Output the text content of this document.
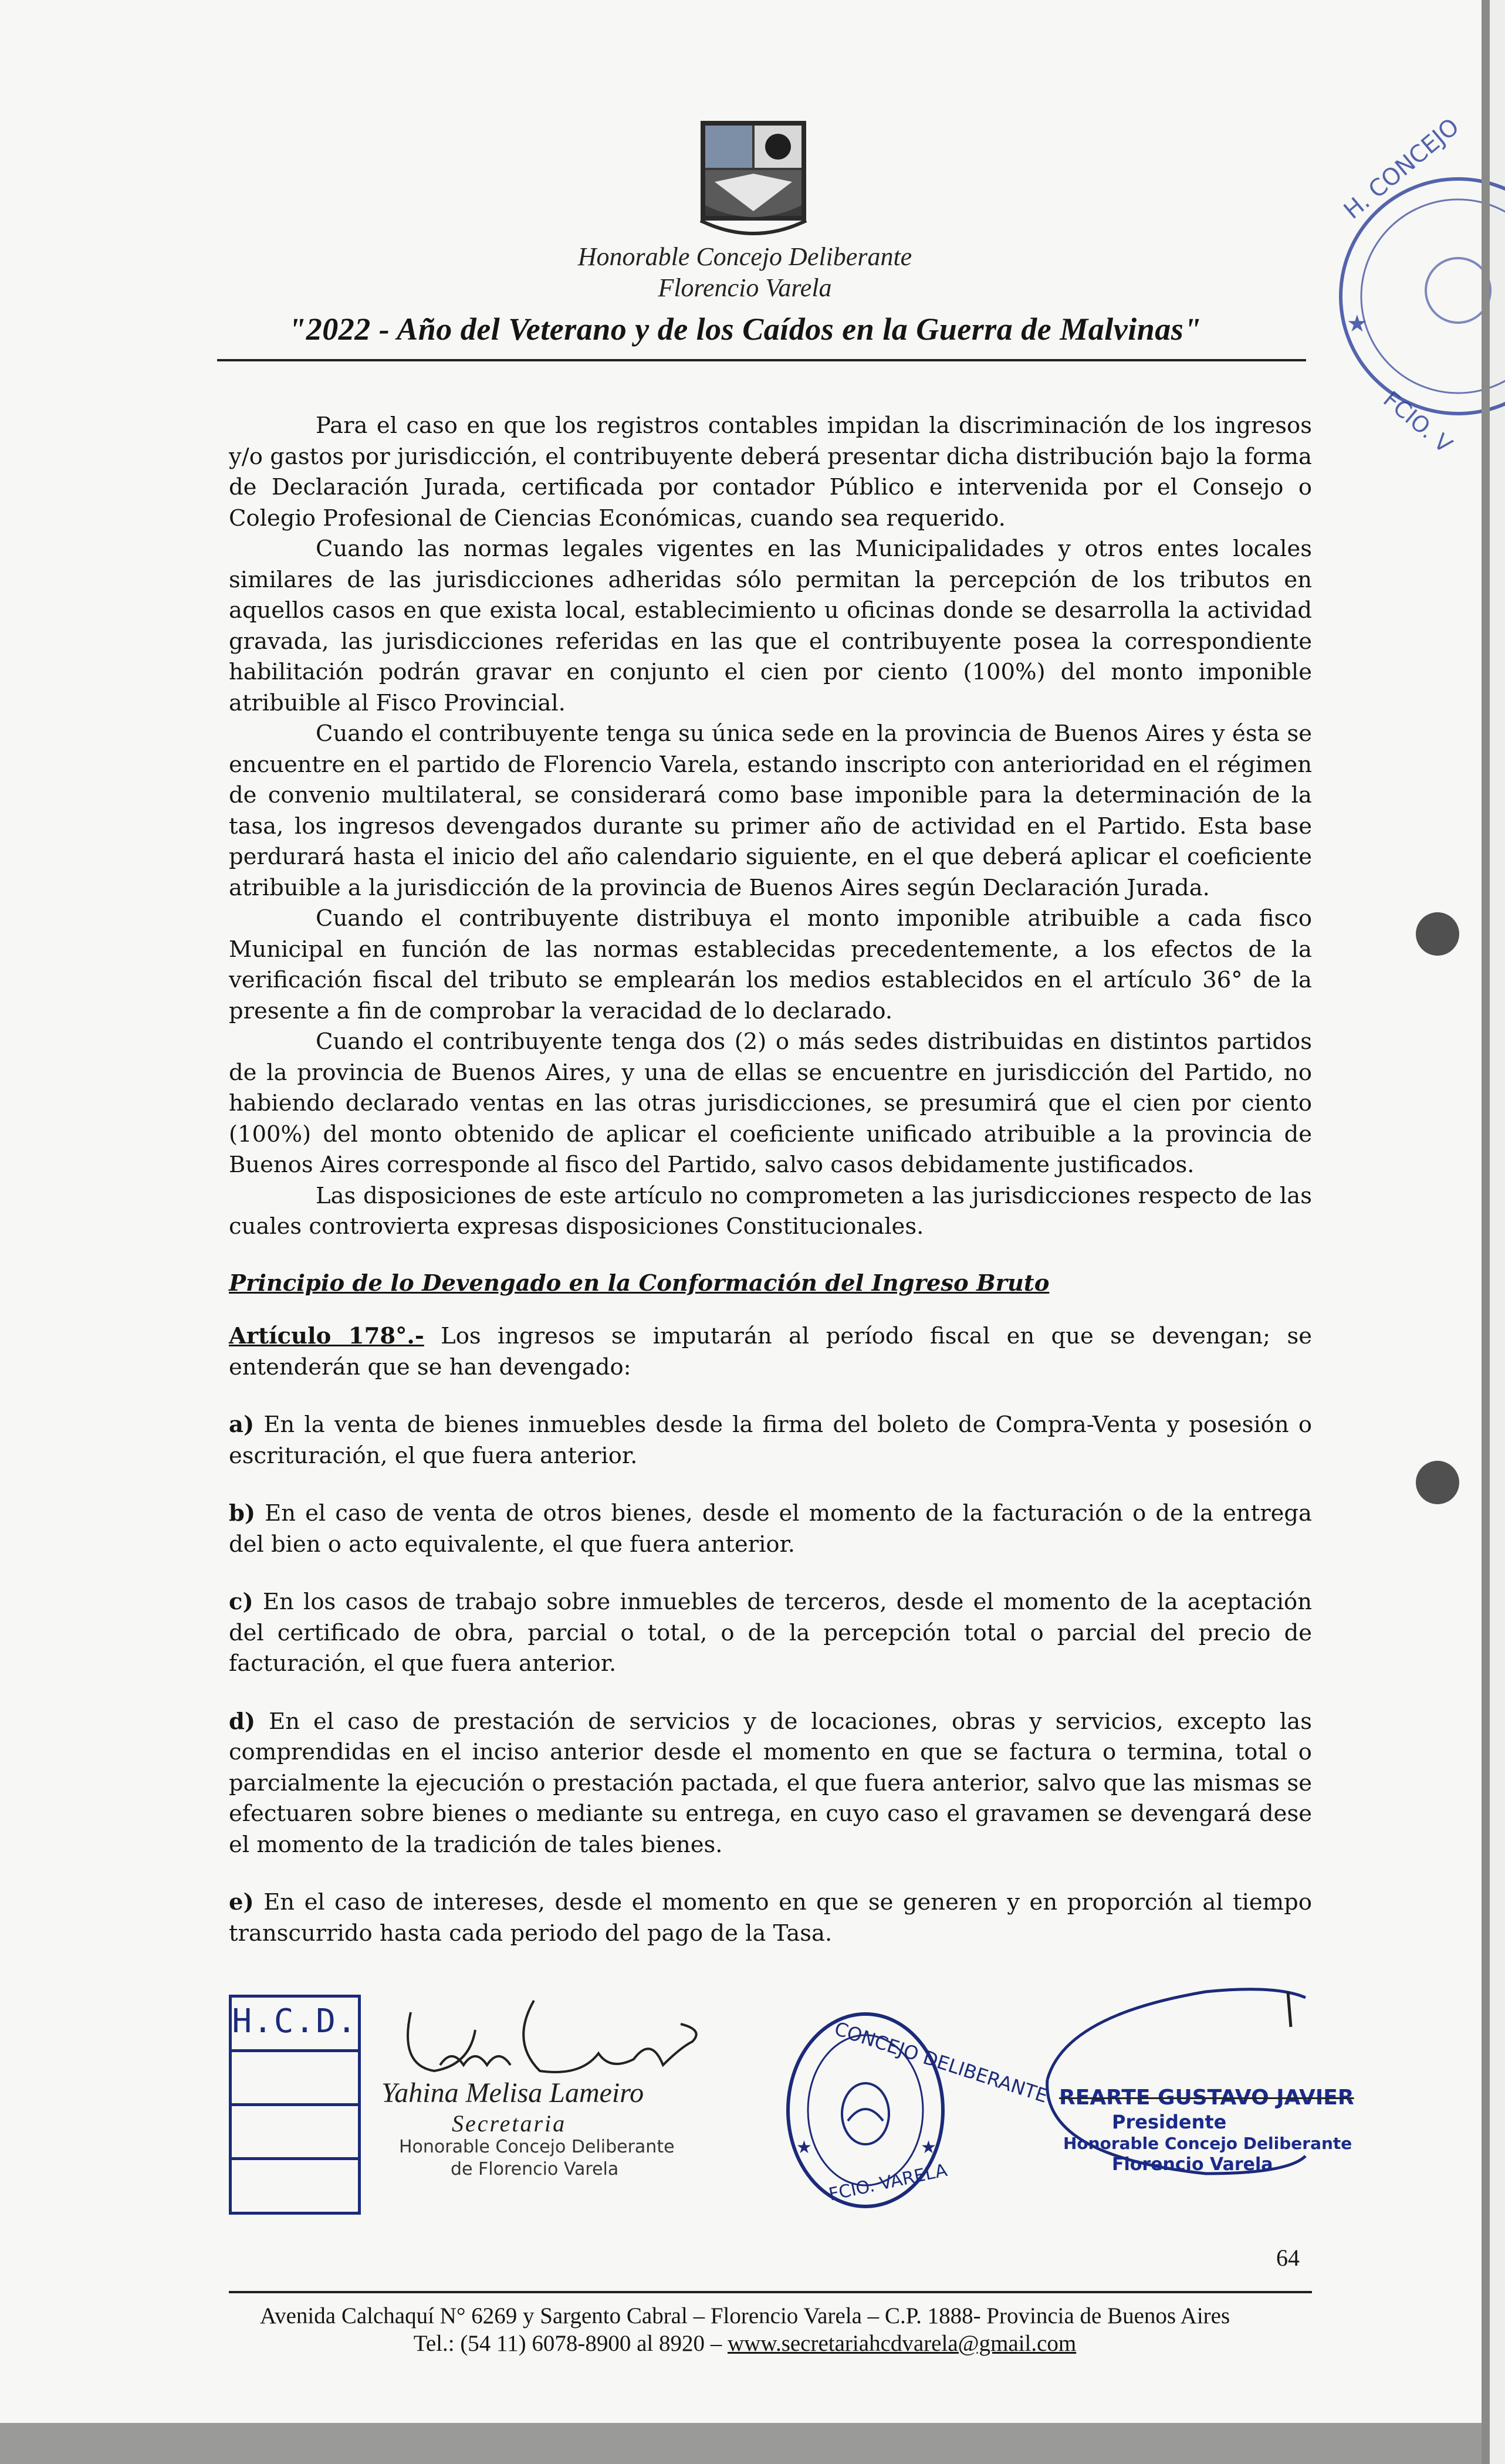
Honorable Concejo Deliberante
Florencio Varela
"2022 - Año del Veterano y de los Caídos en la Guerra de Malvinas"
H. CONCEJO
FCIO. V
★

Para el caso en que los registros contables impidan la discriminación de los ingresos y/o gastos por jurisdicción, el contribuyente deberá presentar dicha distribución bajo la forma de Declaración Jurada, certificada por contador Público e intervenida por el Consejo o Colegio Profesional de Ciencias Económicas, cuando sea requerido.

Cuando las normas legales vigentes en las Municipalidades y otros entes locales similares de las jurisdicciones adheridas sólo permitan la percepción de los tributos en aquellos casos en que exista local, establecimiento u oficinas donde se desarrolla la actividad gravada, las jurisdicciones referidas en las que el contribuyente posea la correspondiente habilitación podrán gravar en conjunto el cien por ciento (100%) del monto imponible atribuible al Fisco Provincial.

Cuando el contribuyente tenga su única sede en la provincia de Buenos Aires y ésta se encuentre en el partido de Florencio Varela, estando inscripto con anterioridad en el régimen de convenio multilateral, se considerará como base imponible para la determinación de la tasa, los ingresos devengados durante su primer año de actividad en el Partido. Esta base perdurará hasta el inicio del año calendario siguiente, en el que deberá aplicar el coeficiente atribuible a la jurisdicción de la provincia de Buenos Aires según Declaración Jurada.

Cuando el contribuyente distribuya el monto imponible atribuible a cada fisco Municipal en función de las normas establecidas precedentemente, a los efectos de la verificación fiscal del tributo se emplearán los medios establecidos en el artículo 36° de la presente a fin de comprobar la veracidad de lo declarado.

Cuando el contribuyente tenga dos (2) o más sedes distribuidas en distintos partidos de la provincia de Buenos Aires, y una de ellas se encuentre en jurisdicción del Partido, no habiendo declarado ventas en las otras jurisdicciones, se presumirá que el cien por ciento (100%) del monto obtenido de aplicar el coeficiente unificado atribuible a la provincia de Buenos Aires corresponde al fisco del Partido, salvo casos debidamente justificados.

Las disposiciones de este artículo no comprometen a las jurisdicciones respecto de las cuales controvierta expresas disposiciones Constitucionales.

Principio de lo Devengado en la Conformación del Ingreso Bruto

Artículo 178°.- Los ingresos se imputarán al período fiscal en que se devengan; se entenderán que se han devengado:

a) En la venta de bienes inmuebles desde la firma del boleto de Compra-Venta y posesión o escrituración, el que fuera anterior.

b) En el caso de venta de otros bienes, desde el momento de la facturación o de la entrega del bien o acto equivalente, el que fuera anterior.

c) En los casos de trabajo sobre inmuebles de terceros, desde el momento de la aceptación del certificado de obra, parcial o total, o de la percepción total o parcial del precio de facturación, el que fuera anterior.

d) En el caso de prestación de servicios y de locaciones, obras y servicios, excepto las comprendidas en el inciso anterior desde el momento en que se factura o termina, total o parcialmente la ejecución o prestación pactada, el que fuera anterior, salvo que las mismas se efectuaren sobre bienes o mediante su entrega, en cuyo caso el gravamen se devengará dese el momento de la tradición de tales bienes.

e) En el caso de intereses, desde el momento en que se generen y en proporción al tiempo transcurrido hasta cada periodo del pago de la Tasa.

H.C.D.
Yahina Melisa Lameiro
Secretaria
Honorable Concejo Deliberante
de Florencio Varela
CONCEJO DELIBERANTE
FCIO. VARELA
★	★
REARTE GUSTAVO JAVIER
Presidente
Honorable Concejo Deliberante
Florencio Varela
64
Avenida Calchaquí N° 6269 y Sargento Cabral – Florencio Varela – C.P. 1888- Provincia de Buenos Aires
Tel.: (54 11) 6078-8900 al 8920 – www.secretariahcdvarela@gmail.com
